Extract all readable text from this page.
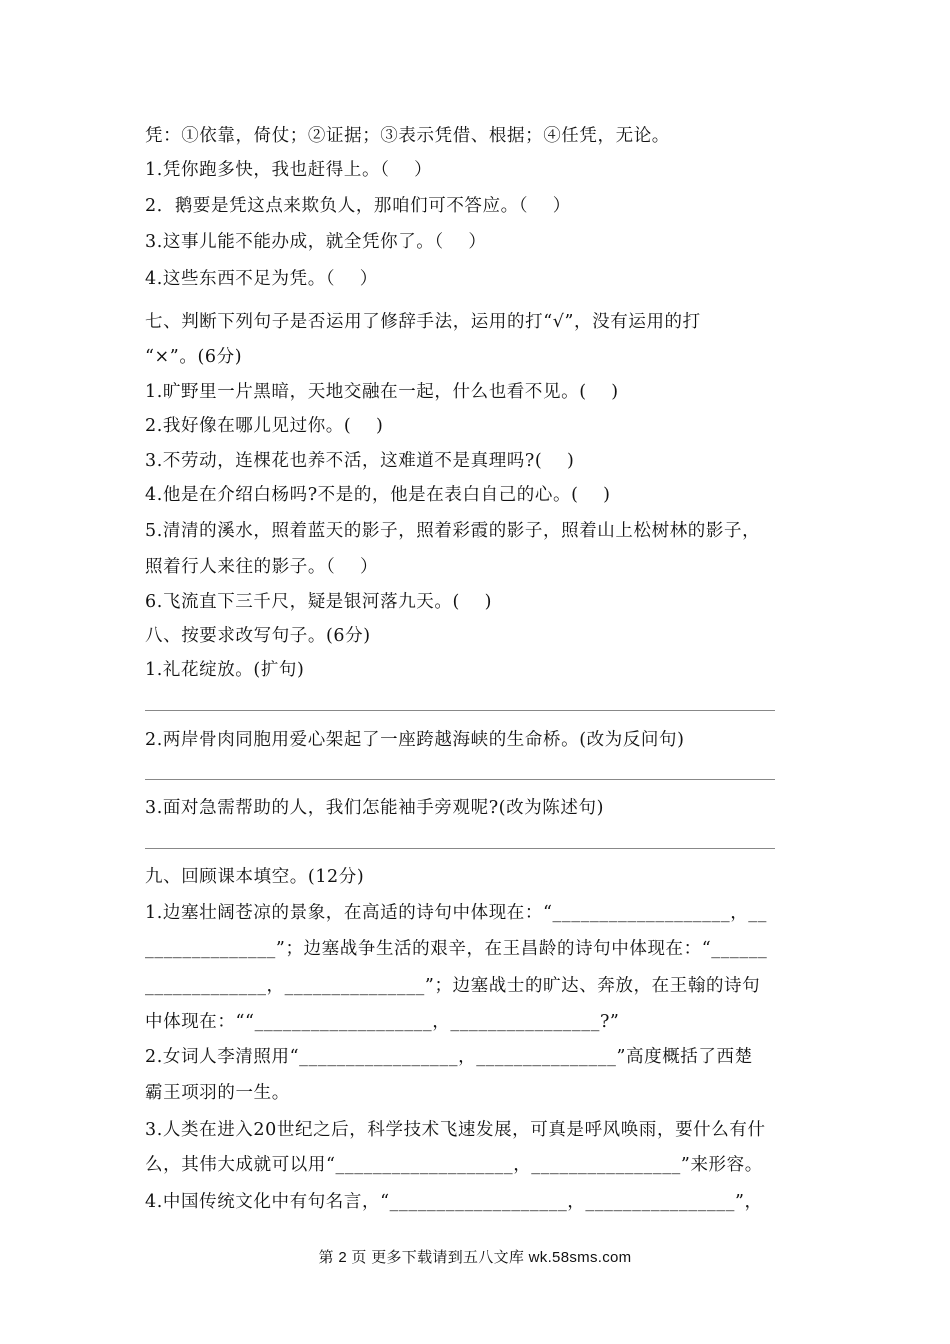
凭：①依靠，倚仗；②证据；③表示凭借、根据；④任凭，无论。
1.凭你跑多快，我也赶得上。（    ）
2．鹅要是凭这点来欺负人，那咱们可不答应。（    ）
3.这事儿能不能办成，就全凭你了。（    ）
4.这些东西不足为凭。（    ）
七、判断下列句子是否运用了修辞手法，运用的打“√”，没有运用的打
“×”。(6分)
1.旷野里一片黑暗，天地交融在一起，什么也看不见。(    )
2.我好像在哪儿见过你。(    )
3.不劳动，连棵花也养不活，这难道不是真理吗?(    )
4.他是在介绍白杨吗?不是的，他是在表白自己的心。(    )
5.清清的溪水，照着蓝天的影子，照着彩霞的影子，照着山上松树林的影子，
照着行人来往的影子。（    ）
6.飞流直下三千尺，疑是银河落九天。(    )
八、按要求改写句子。(6分)
1.礼花绽放。(扩句)
2.两岸骨肉同胞用爱心架起了一座跨越海峡的生命桥。(改为反问句)
3.面对急需帮助的人，我们怎能袖手旁观呢?(改为陈述句)
九、回顾课本填空。(12分)
1.边塞壮阔苍凉的景象，在高适的诗句中体现在：“___________________，__
______________”；边塞战争生活的艰辛，在王昌龄的诗句中体现在：“______
_____________，_______________”；边塞战士的旷达、奔放，在王翰的诗句
中体现在：““___________________，________________?”
2.女词人李清照用“_________________，_______________”高度概括了西楚
霸王项羽的一生。
3.人类在进入20世纪之后，科学技术飞速发展，可真是呼风唤雨，要什么有什
么，其伟大成就可以用“___________________，________________”来形容。
4.中国传统文化中有句名言，“___________________，________________”，
第 2 页 更多下载请到五八文库 wk.58sms.com
